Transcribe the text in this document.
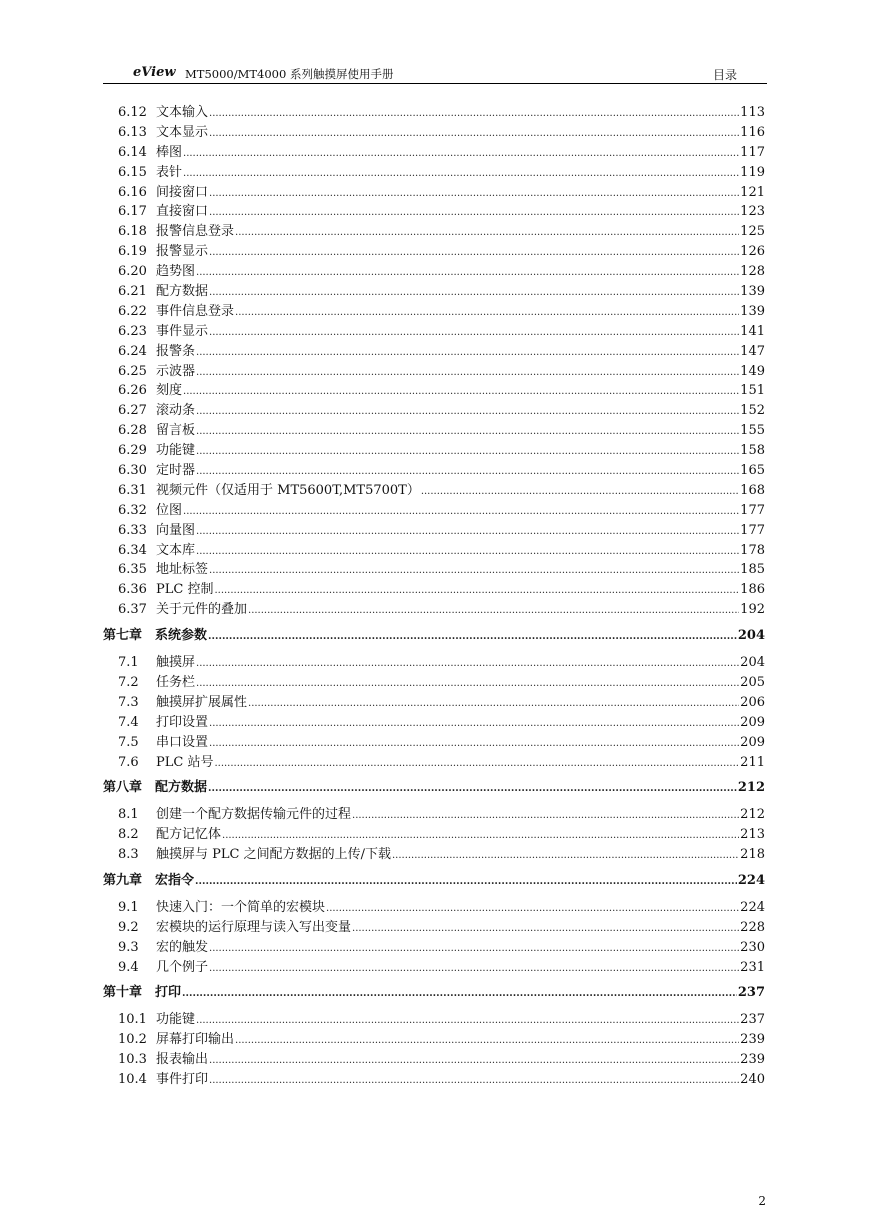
eView MT5000/MT4000 系列触摸屏使用手册	目录
6.12 文本输入 .....	113
6.13 文本显示 .....	116
6.14 棒图 .....	117
6.15 表针 .....	119
6.16 间接窗口 .....	121
6.17 直接窗口 .....	123
6.18 报警信息登录 .....	125
6.19 报警显示 .....	126
6.20 趋势图 .....	128
6.21 配方数据 .....	139
6.22 事件信息登录 .....	139
6.23 事件显示 .....	141
6.24 报警条 .....	147
6.25 示波器 .....	149
6.26 刻度 .....	151
6.27 滚动条 .....	152
6.28 留言板 .....	155
6.29 功能键 .....	158
6.30 定时器 .....	165
6.31 视频元件（仅适用于 MT5600T,MT5700T） .....	168
6.32 位图 .....	177
6.33 向量图 .....	177
6.34 文本库 .....	178
6.35 地址标签 .....	185
6.36 PLC 控制 .....	186
6.37 关于元件的叠加 .....	192
第七章 系统参数 .....	204
7.1	触摸屏 .....	204
7.2	任务栏 .....	205
7.3	触摸屏扩展属性 .....	206
7.4	打印设置 .....	209
7.5	串口设置 .....	209
7.6	PLC 站号 .....	211
第八章 配方数据 .....	212
8.1	创建一个配方数据传输元件的过程 .....	212
8.2	配方记忆体 .....	213
8.3	触摸屏与 PLC 之间配方数据的上传/下载 .....	218
第九章 宏指令 .....	224
9.1	快速入门：一个简单的宏模块 .....	224
9.2	宏模块的运行原理与读入写出变量 .....	228
9.3	宏的触发 .....	230
9.4	几个例子 .....	231
第十章 打印 .....	237
10.1 功能键 .....	237
10.2 屏幕打印输出 .....	239
10.3 报表输出 .....	239
10.4 事件打印 .....	240
2
